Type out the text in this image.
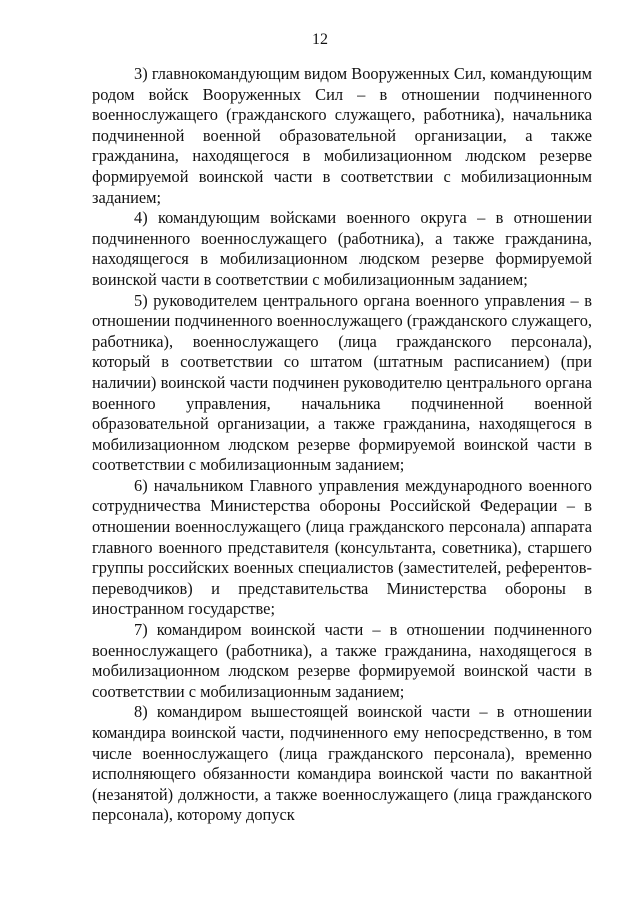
12

3) главнокомандующим видом Вооруженных Сил, командующим родом войск Вооруженных Сил – в отношении подчиненного военнослужащего (гражданского служащего, работника), начальника подчиненной военной образовательной организации, а также гражданина, находящегося в мобилизационном людском резерве формируемой воинской части в соответствии с мобилизационным заданием;

4) командующим войсками военного округа – в отношении подчиненного военнослужащего (работника), а также гражданина, находящегося в мобилизационном людском резерве формируемой воинской части в соответствии с мобилизационным заданием;

5) руководителем центрального органа военного управления – в отношении подчиненного военнослужащего (гражданского служащего, работника), военнослужащего (лица гражданского персонала), который в соответствии со штатом (штатным расписанием) (при наличии) воинской части подчинен руководителю центрального органа военного управления, начальника подчиненной военной образовательной организации, а также гражданина, находящегося в мобилизационном людском резерве формируемой воинской части в соответствии с мобилизационным заданием;

6) начальником Главного управления международного военного сотрудничества Министерства обороны Российской Федерации – в отношении военнослужащего (лица гражданского персонала) аппарата главного военного представителя (консультанта, советника), старшего группы российских военных специалистов (заместителей, референтов-переводчиков) и представительства Министерства обороны в иностранном государстве;

7) командиром воинской части – в отношении подчиненного военнослужащего (работника), а также гражданина, находящегося в мобилизационном людском резерве формируемой воинской части в соответствии с мобилизационным заданием;

8) командиром вышестоящей воинской части – в отношении командира воинской части, подчиненного ему непосредственно, в том числе военнослужащего (лица гражданского персонала), временно исполняющего обязанности командира воинской части по вакантной (незанятой) должности, а также военнослужащего (лица гражданского персонала), которому допуск
